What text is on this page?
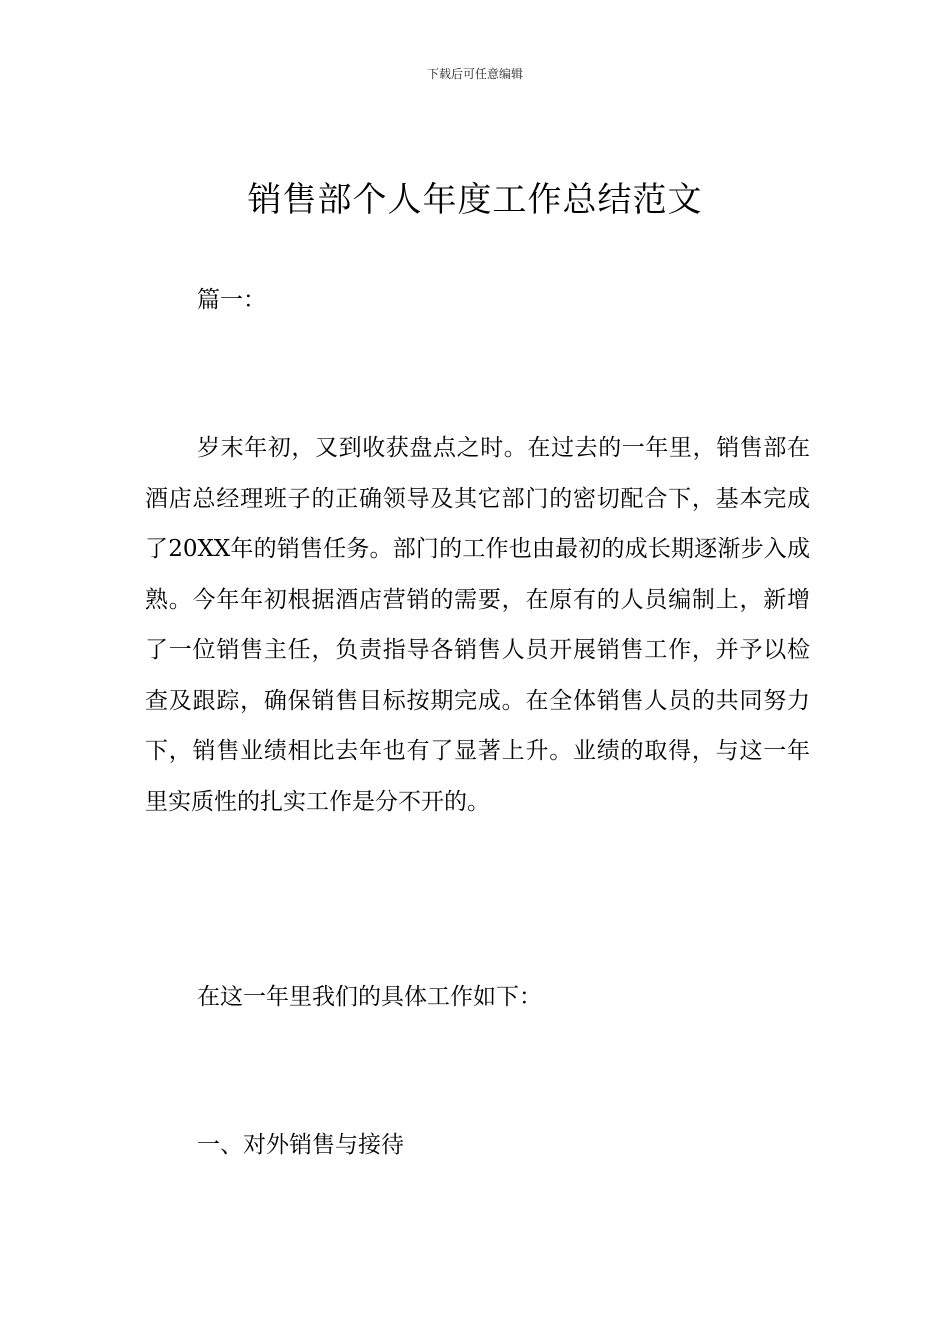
下载后可任意编辑
销售部个人年度工作总结范文
篇一：

岁末年初，又到收获盘点之时。在过去的一年里，销售部在酒店总经理班子的正确领导及其它部门的密切配合下，基本完成了20XX年的销售任务。部门的工作也由最初的成长期逐渐步入成熟。今年年初根据酒店营销的需要，在原有的人员编制上，新增了一位销售主任，负责指导各销售人员开展销售工作，并予以检查及跟踪，确保销售目标按期完成。在全体销售人员的共同努力下，销售业绩相比去年也有了显著上升。业绩的取得，与这一年里实质性的扎实工作是分不开的。

在这一年里我们的具体工作如下：
一、对外销售与接待
